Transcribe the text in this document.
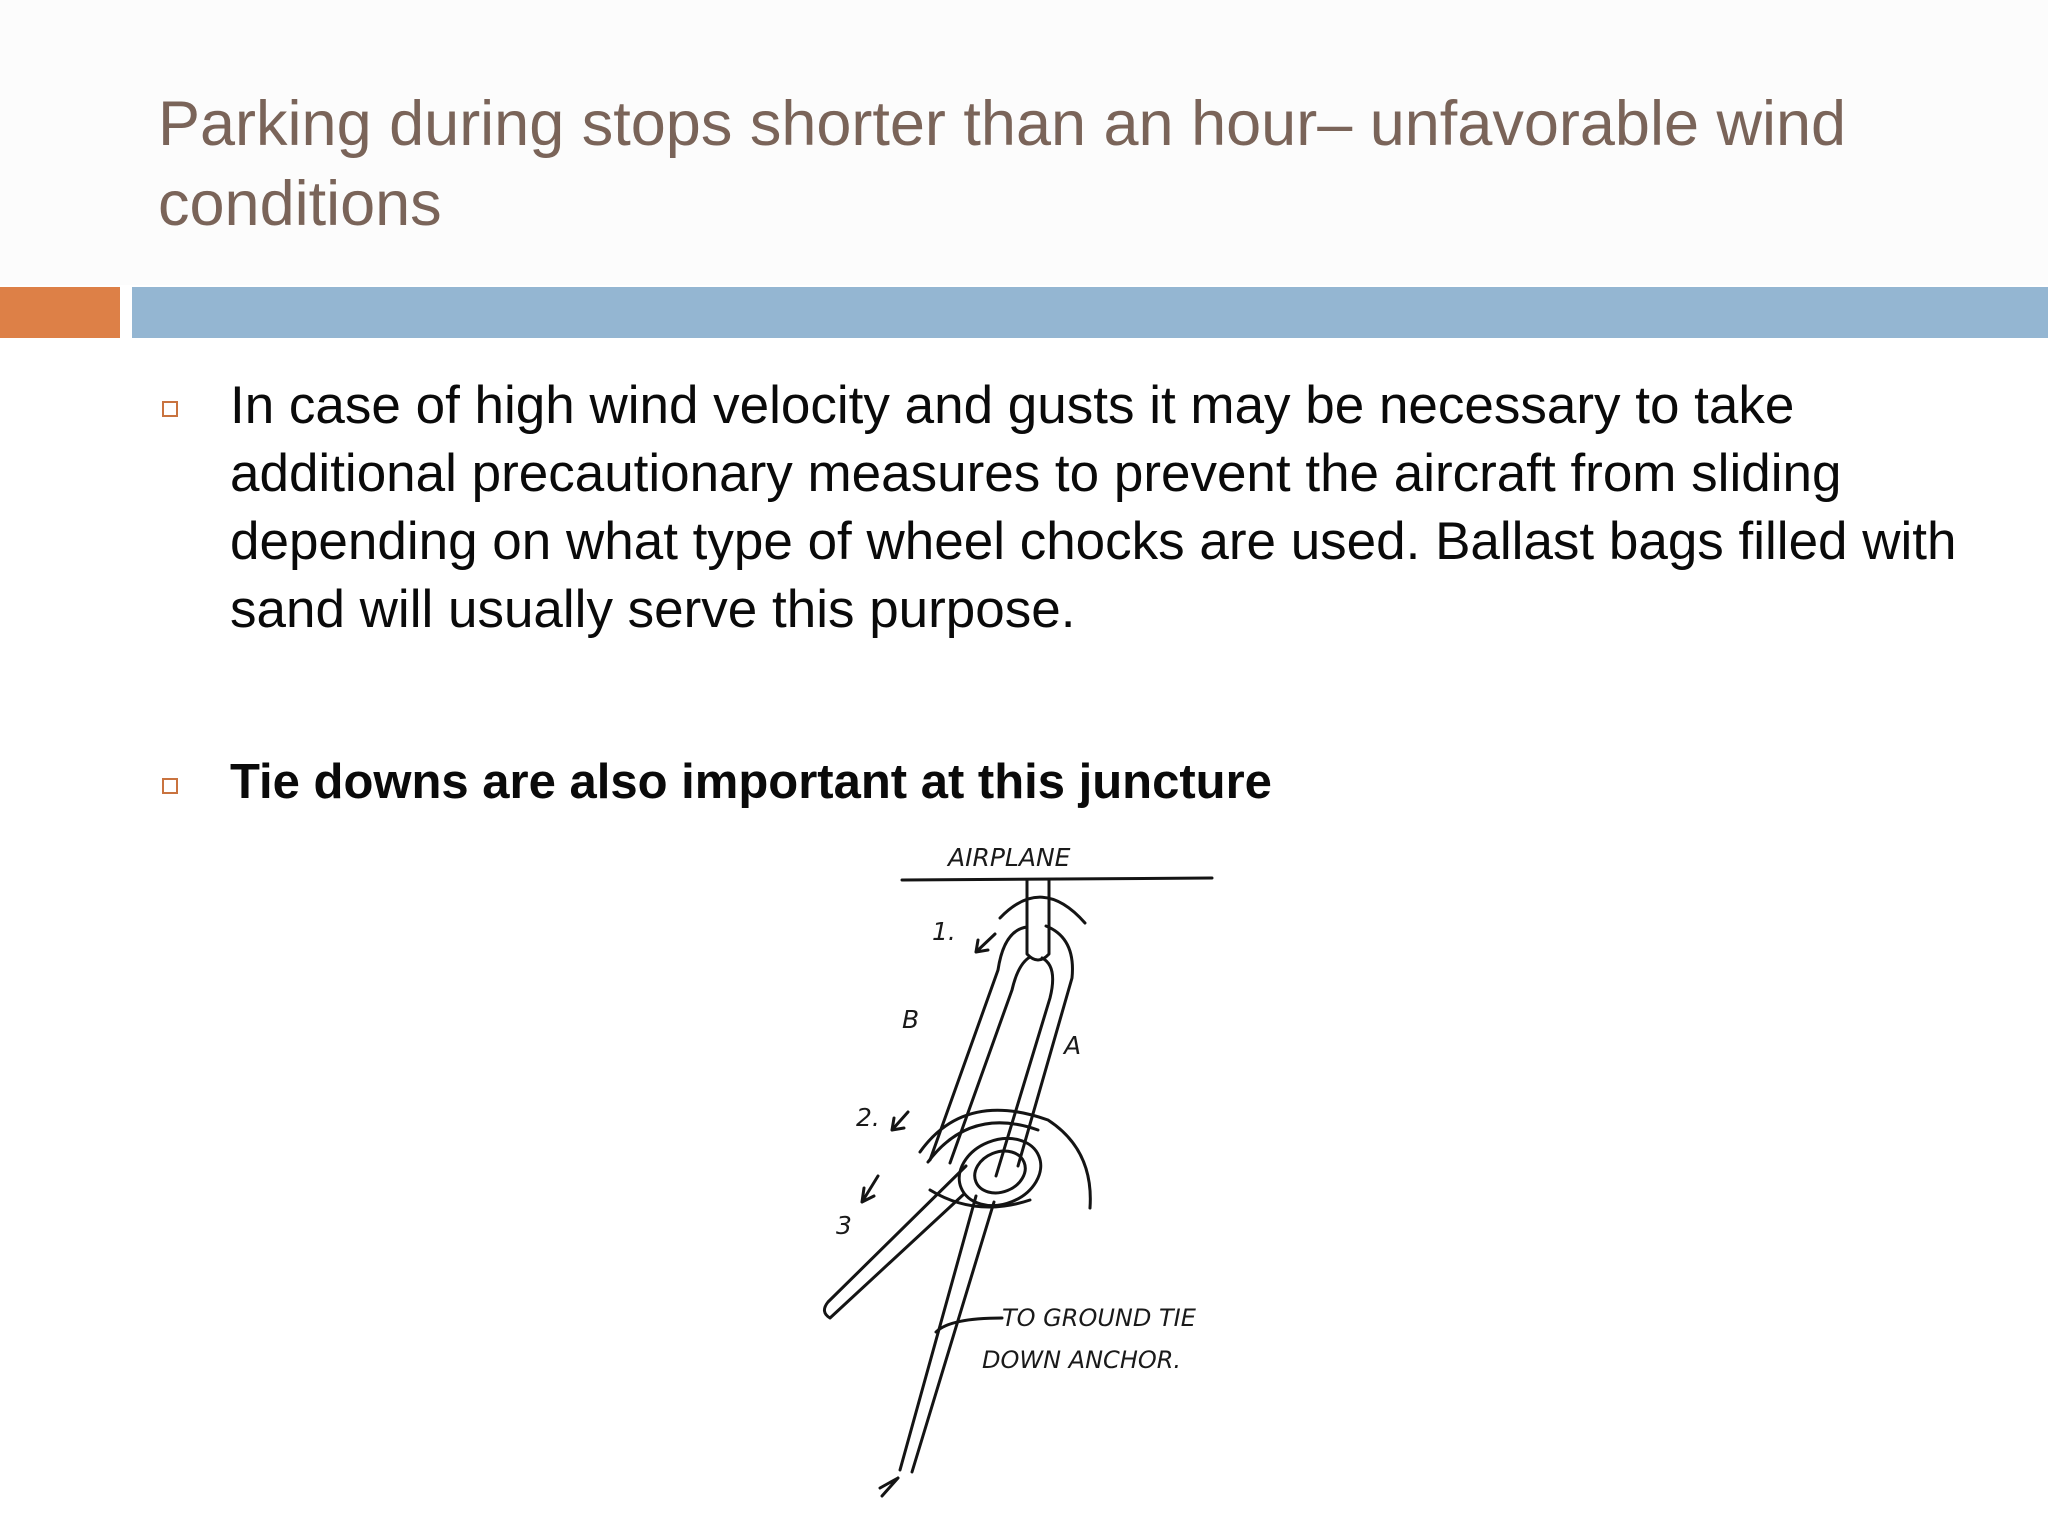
Parking during stops shorter than an hour– unfavorable wind conditions

In case of high wind velocity and gusts it may be necessary to take additional precautionary measures to prevent the aircraft from sliding depending on what type of wheel chocks are used. Ballast bags filled with sand will usually serve this purpose.

Tie downs are also important at this juncture

AIRPLANE
1.
B
A
2.
3
TO GROUND TIE
DOWN ANCHOR.
